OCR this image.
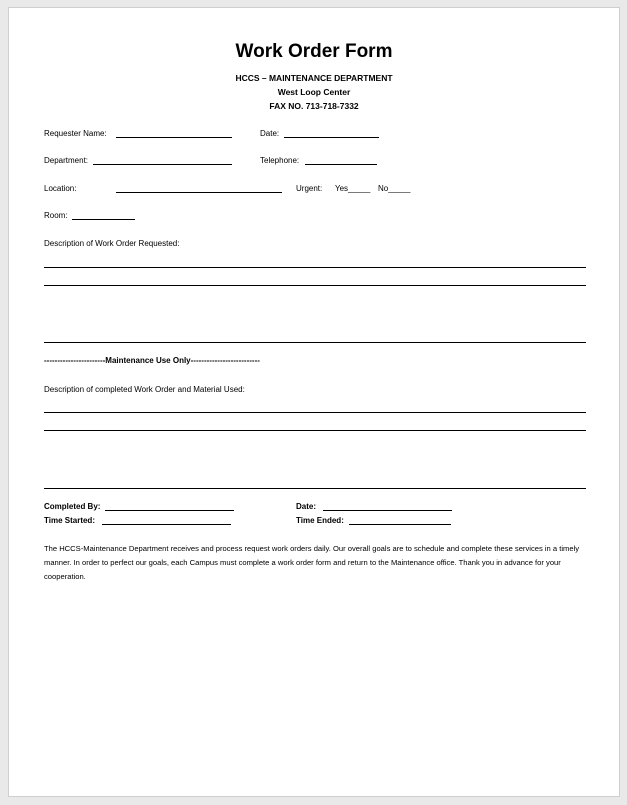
Work Order Form
HCCS – MAINTENANCE DEPARTMENT
West Loop Center
FAX NO. 713-718-7332
Requester Name:	Date:
Department:	Telephone:
Location:	Urgent: Yes_____ No_____
Room:
Description of Work Order Requested:
-----------------------Maintenance Use Only--------------------------
Description of completed Work Order and Material Used:
Completed By:	Date:
Time Started:	Time Ended:
The HCCS-Maintenance Department receives and process request work orders daily. Our overall goals are to schedule and complete these services in a timely manner. In order to perfect our goals, each Campus must complete a work order form and return to the Maintenance office. Thank you in advance for your cooperation.
